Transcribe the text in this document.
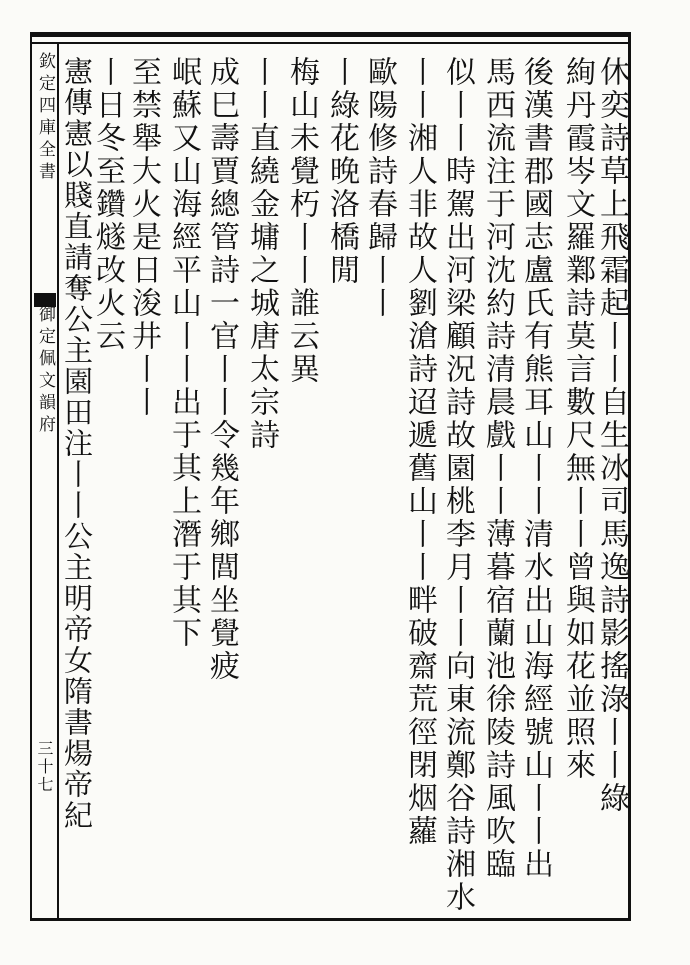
欽定四庫全書
御定佩文韻府
三十七	休奕詩草上飛霜起丨丨自生冰司馬逸詩影搖淥丨丨綠
絢丹霞岑文羅鄴詩莫言數尺無丨丨曾與如花並照來
後漢書郡國志盧氏有熊耳山丨丨清水出山海經號山丨丨出
馬西流注于河沈約詩清晨戲丨丨薄暮宿蘭池徐陵詩風吹臨
似丨丨時駕出河梁顧況詩故園桃李月丨丨向東流鄭谷詩湘水
丨丨湘人非故人劉滄詩迢遞舊山丨丨畔破齋荒徑閉烟蘿
歐陽修詩春歸丨丨
丨綠花晚洛橋閒
梅山未覺朽丨丨誰云異
丨丨直繞金墉之城唐太宗詩
成巳壽賈總管詩一官丨丨令幾年鄉閭坐覺疲
岷蘇又山海經平山丨丨出于其上潛于其下
至禁舉大火是日浚井丨丨
丨日冬至鑽燧改火云
憲傳憲以賤直請奪公主園田注丨丨公主明帝女隋書煬帝紀
